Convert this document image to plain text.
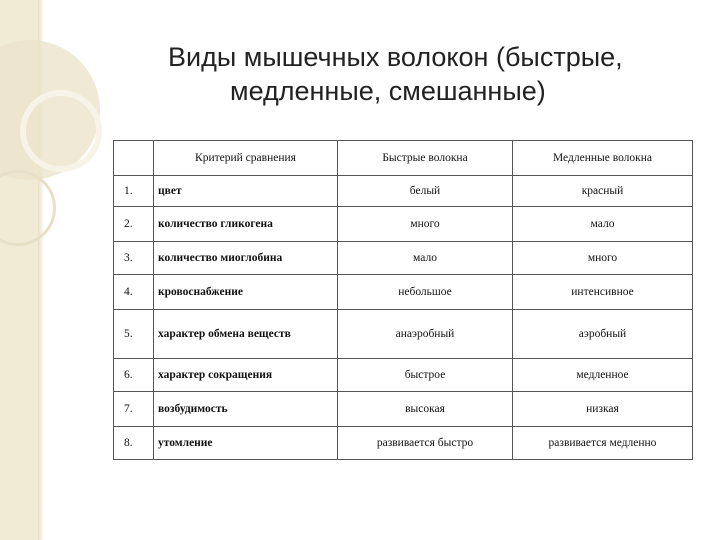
Виды мышечных волокон (быстрые,
медленные, смешанные)
	Критерий сравнения	Быстрые волокна	Медленные волокна
1.	цвет	белый	красный
2.	количество гликогена	много	мало
3.	количество миоглобина	мало	много
4.	кровоснабжение	небольшое	интенсивное
5.	характер обмена веществ	анаэробный	аэробный
6.	характер сокращения	быстрое	медленное
7.	возбудимость	высокая	низкая
8.	утомление	развивается быстро	развивается медленно
